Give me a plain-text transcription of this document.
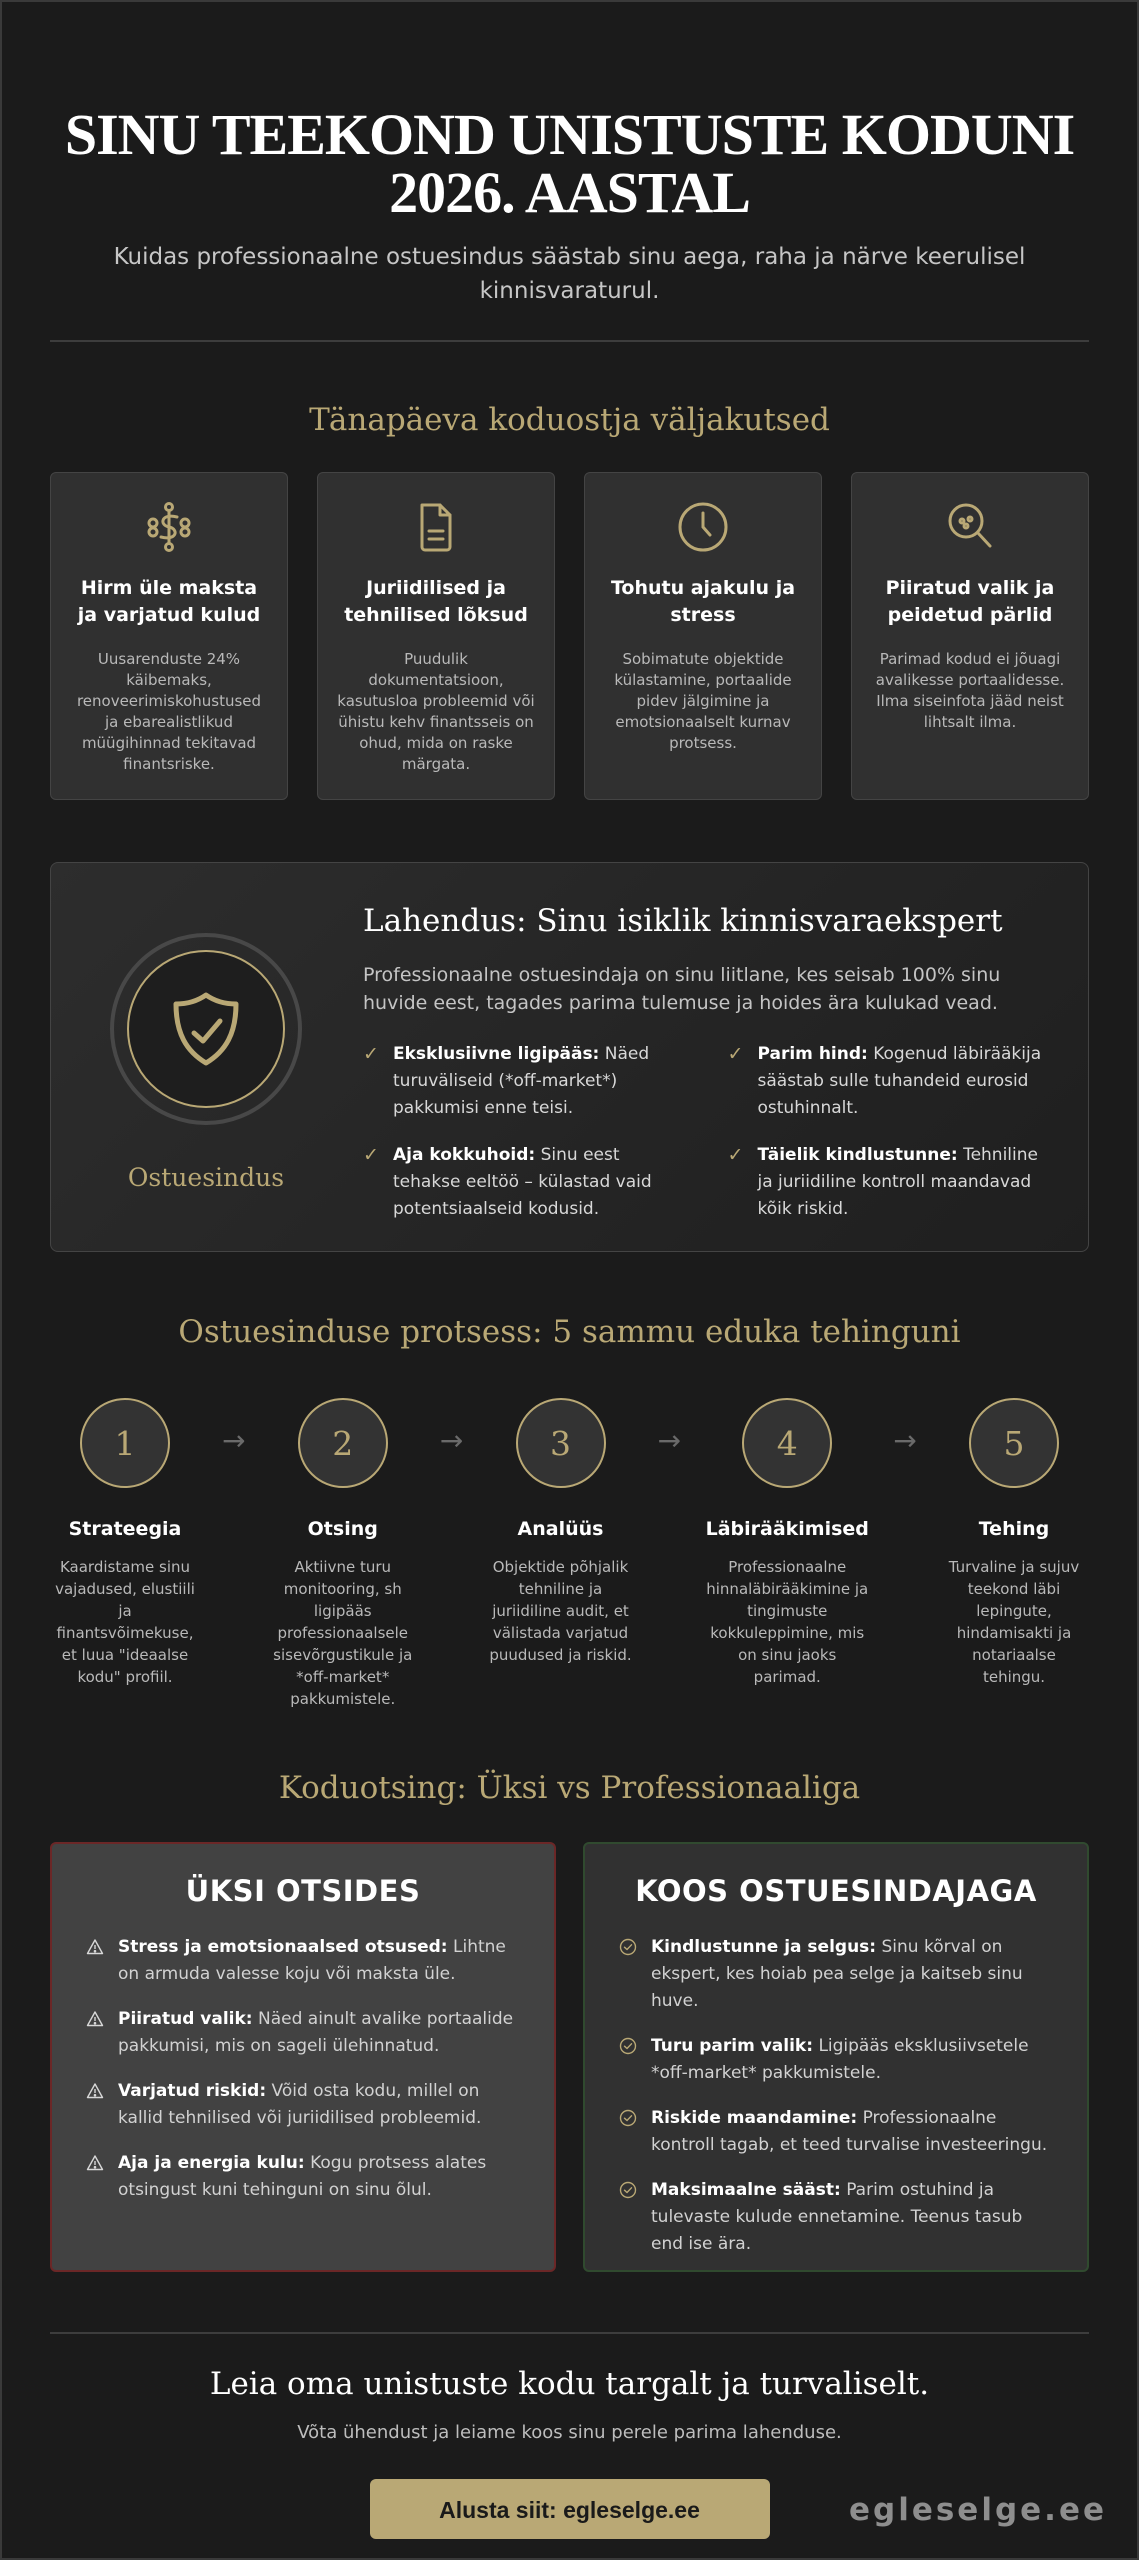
SINU TEEKOND UNISTUSTE KODUNI 2026. AASTAL

Kuidas professionaalne ostuesindus säästab sinu aega, raha ja närve keerulisel kinnisvaraturul.

Tänapäeva koduostja väljakutsed
Hirm üle maksta ja varjatud kulud

Uusarenduste 24% käibemaks, renoveerimiskohustused ja ebarealistlikud müügihinnad tekitavad finantsriske.

Juriidilised ja tehnilised lõksud

Puudulik dokumentatsioon, kasutusloa probleemid või ühistu kehv finantsseis on ohud, mida on raske märgata.

Tohutu ajakulu ja stress

Sobimatute objektide külastamine, portaalide pidev jälgimine ja emotsionaalselt kurnav protsess.

Piiratud valik ja peidetud pärlid

Parimad kodud ei jõuagi avalikesse portaalidesse. Ilma siseinfota jääd neist lihtsalt ilma.

Ostuesindus
Lahendus: Sinu isiklik kinnisvaraekspert

Professionaalne ostuesindaja on sinu liitlane, kes seisab 100% sinu huvide eest, tagades parima tulemuse ja hoides ära kulukad vead.

✓ Eksklusiivne ligipääs: Näed turuväliseid (*off-market*) pakkumisi enne teisi.
✓ Parim hind: Kogenud läbirääkija säästab sulle tuhandeid eurosid ostuhinnalt.
✓ Aja kokkuhoid: Sinu eest tehakse eeltöö – külastad vaid potentsiaalseid kodusid.
✓ Täielik kindlustunne: Tehniline ja juriidiline kontroll maandavad kõik riskid.
Ostuesinduse protsess: 5 sammu eduka tehinguni
1
Strateegia

Kaardistame sinu vajadused, elustiili ja finantsvõimekuse, et luua "ideaalse kodu" profiil.

→	2
Otsing

Aktiivne turu monitooring, sh ligipääs professionaalsele sisevõrgustikule ja *off-market* pakkumistele.

→	3
Analüüs

Objektide põhjalik tehniline ja juriidiline audit, et välistada varjatud puudused ja riskid.

→	4
Läbirääkimised

Professionaalne hinnaläbirääkimine ja tingimuste kokkuleppimine, mis on sinu jaoks parimad.

→	5
Tehing

Turvaline ja sujuv teekond läbi lepingute, hindamisakti ja notariaalse tehingu.

Koduotsing: Üksi vs Professionaaliga
ÜKSI OTSIDES
Stress ja emotsionaalsed otsused: Lihtne on armuda valesse koju või maksta üle.
Piiratud valik: Näed ainult avalike portaalide pakkumisi, mis on sageli ülehinnatud.
Varjatud riskid: Võid osta kodu, millel on kallid tehnilised või juriidilised probleemid.
Aja ja energia kulu: Kogu protsess alates otsingust kuni tehinguni on sinu õlul.
KOOS OSTUESINDAJAGA
Kindlustunne ja selgus: Sinu kõrval on ekspert, kes hoiab pea selge ja kaitseb sinu huve.
Turu parim valik: Ligipääs eksklusiivsetele *off-market* pakkumistele.
Riskide maandamine: Professionaalne kontroll tagab, et teed turvalise investeeringu.
Maksimaalne sääst: Parim ostuhind ja tulevaste kulude ennetamine. Teenus tasub end ise ära.
Leia oma unistuste kodu targalt ja turvaliselt.

Võta ühendust ja leiame koos sinu perele parima lahenduse.

Alusta siit: egleselge.ee	egleselge.ee
